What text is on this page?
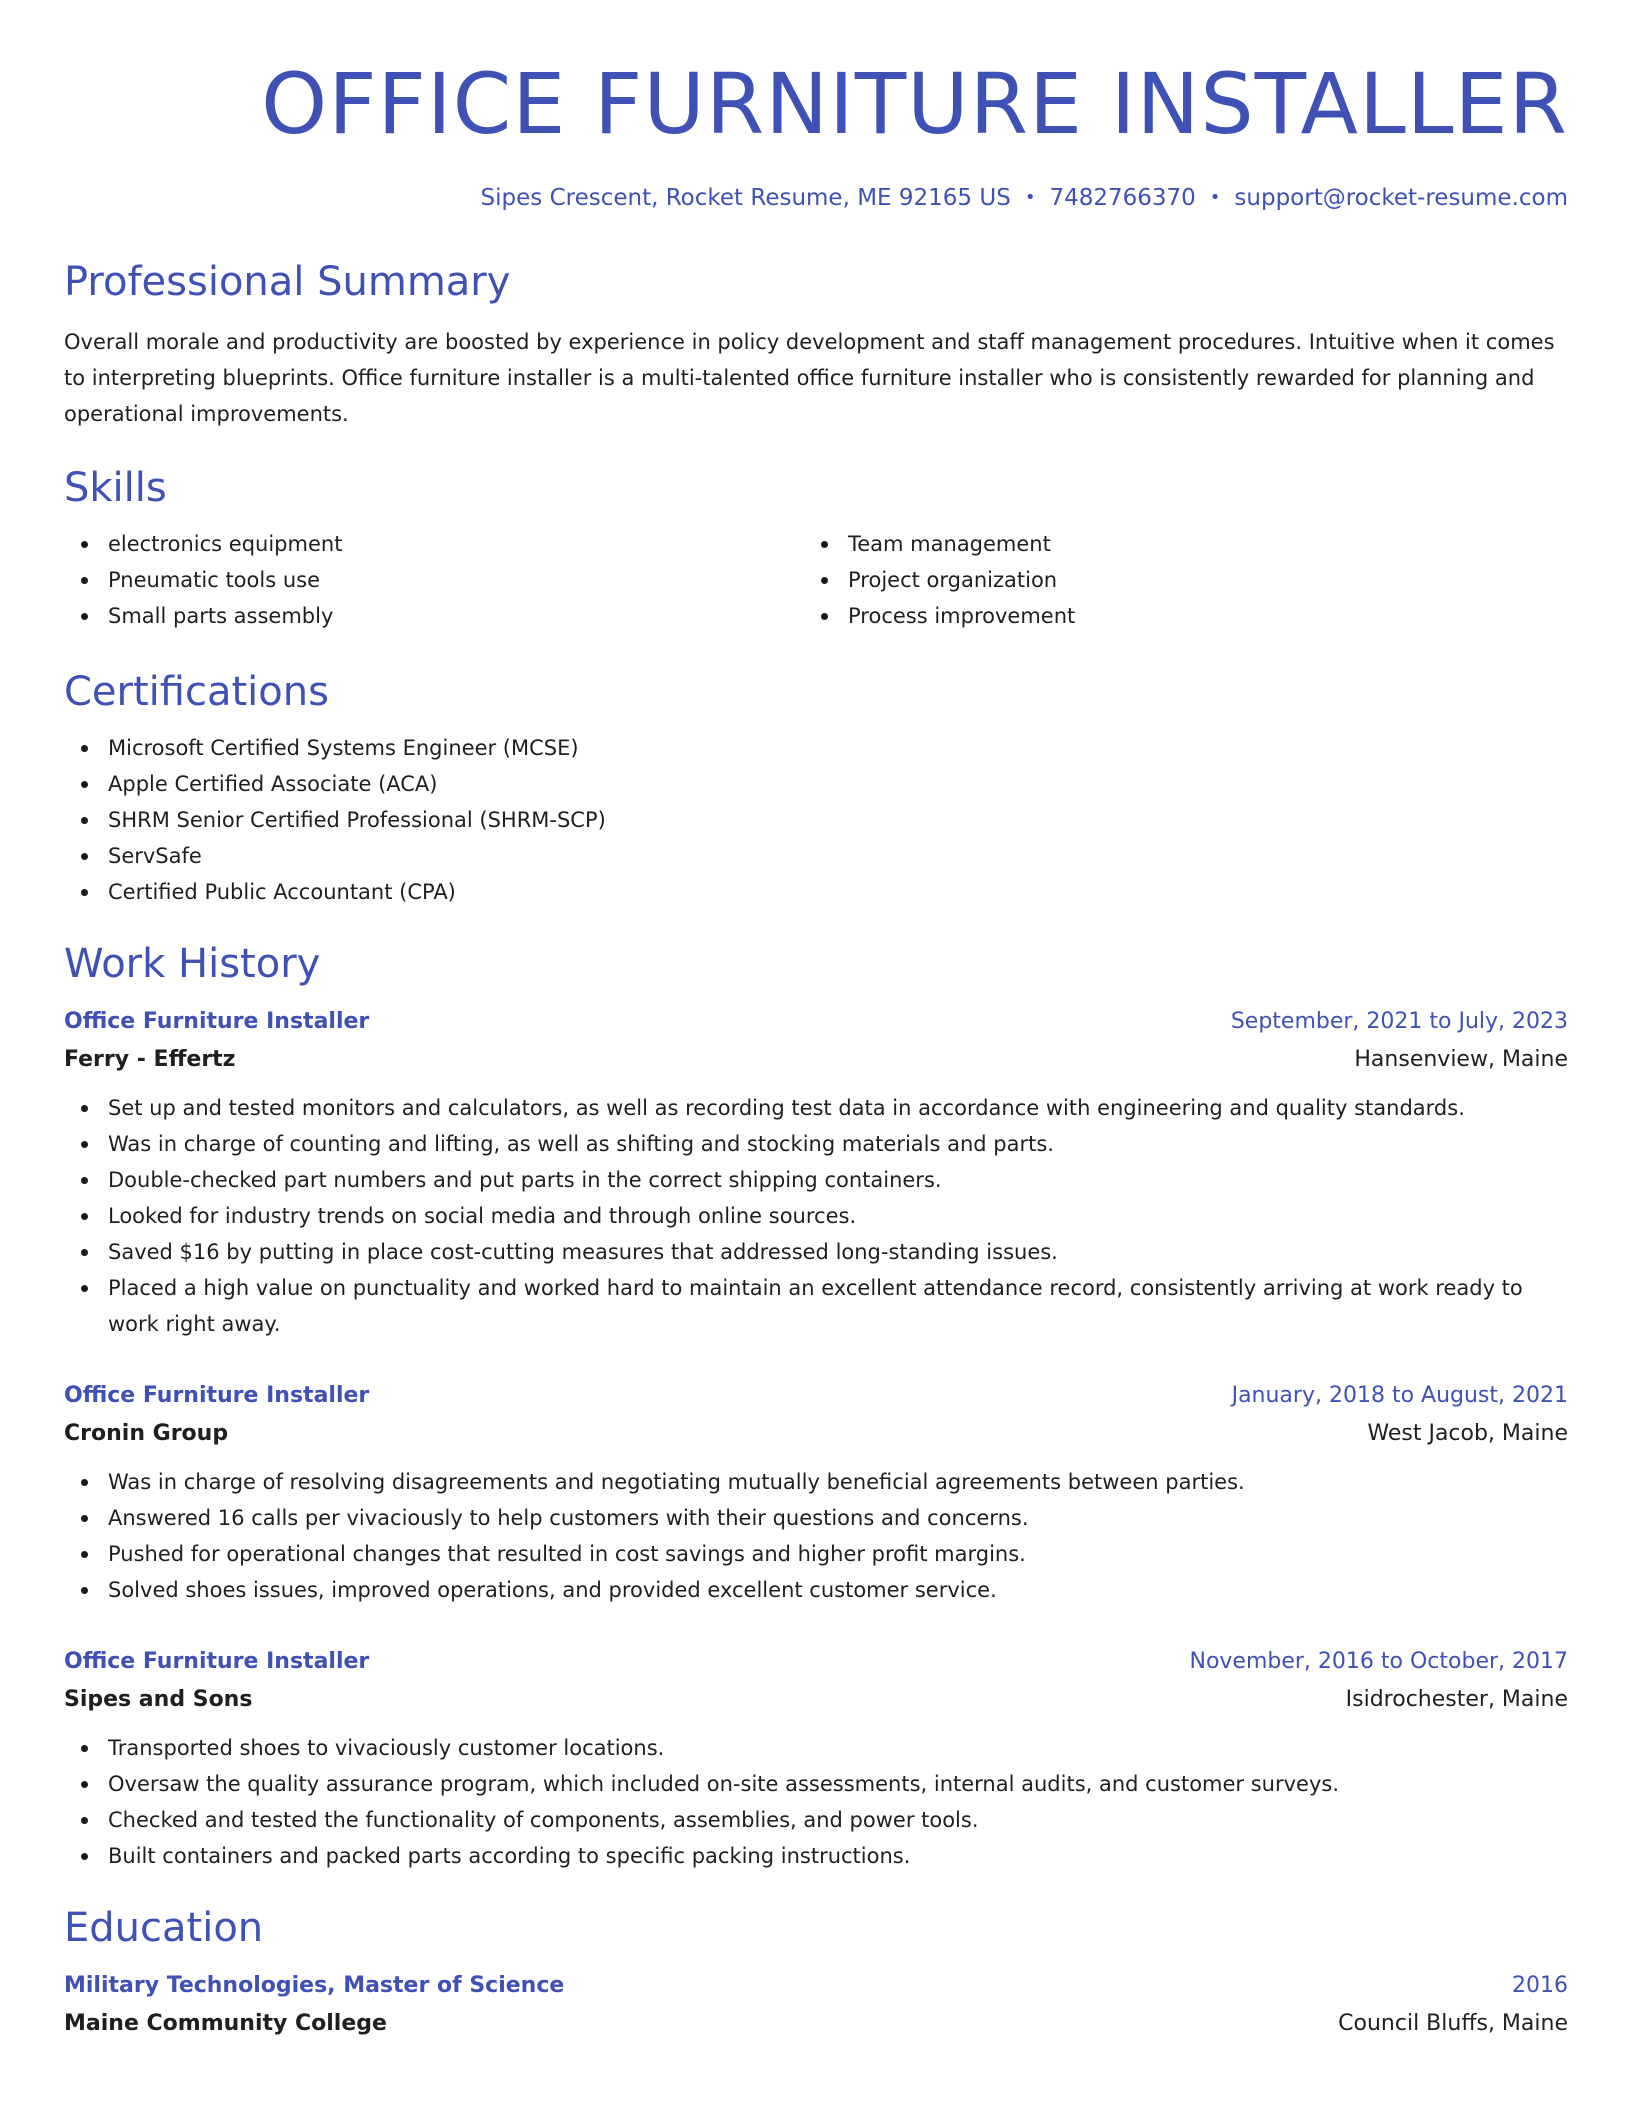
OFFICE FURNITURE INSTALLER
Sipes Crescent, Rocket Resume, ME 92165 US • 7482766370 • support@rocket-resume.com
Professional Summary

Overall morale and productivity are boosted by experience in policy development and staff management procedures. Intuitive when it comes to interpreting blueprints. Office furniture installer is a multi-talented office furniture installer who is consistently rewarded for planning and operational improvements.

Skills
electronics equipment
Pneumatic tools use
Small parts assembly
Team management
Project organization
Process improvement
Certifications
Microsoft Certified Systems Engineer (MCSE)
Apple Certified Associate (ACA)
SHRM Senior Certified Professional (SHRM-SCP)
ServSafe
Certified Public Accountant (CPA)
Work History
Office Furniture Installer	September, 2021 to July, 2023
Ferry - Effertz	Hansenview, Maine
Set up and tested monitors and calculators, as well as recording test data in accordance with engineering and quality standards.
Was in charge of counting and lifting, as well as shifting and stocking materials and parts.
Double-checked part numbers and put parts in the correct shipping containers.
Looked for industry trends on social media and through online sources.
Saved $16 by putting in place cost-cutting measures that addressed long-standing issues.
Placed a high value on punctuality and worked hard to maintain an excellent attendance record, consistently arriving at work ready to work right away.
Office Furniture Installer	January, 2018 to August, 2021
Cronin Group	West Jacob, Maine
Was in charge of resolving disagreements and negotiating mutually beneficial agreements between parties.
Answered 16 calls per vivaciously to help customers with their questions and concerns.
Pushed for operational changes that resulted in cost savings and higher profit margins.
Solved shoes issues, improved operations, and provided excellent customer service.
Office Furniture Installer	November, 2016 to October, 2017
Sipes and Sons	Isidrochester, Maine
Transported shoes to vivaciously customer locations.
Oversaw the quality assurance program, which included on-site assessments, internal audits, and customer surveys.
Checked and tested the functionality of components, assemblies, and power tools.
Built containers and packed parts according to specific packing instructions.
Education
Military Technologies, Master of Science	2016
Maine Community College	Council Bluffs, Maine
